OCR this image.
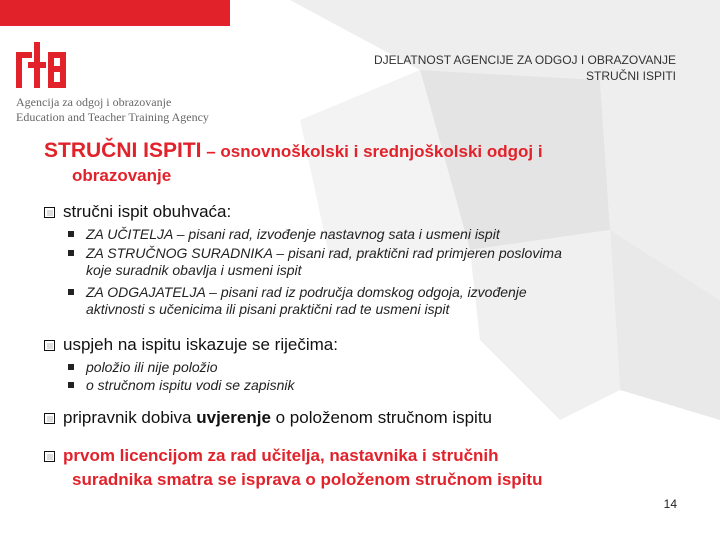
Agencija za odgoj i obrazovanje
Education and Teacher Training Agency
DJELATNOST AGENCIJE ZA ODGOJ I OBRAZOVANJE
STRUČNI ISPITI
STRUČNI ISPITI – osnovnoškolski i srednjoškolski odgoj i
obrazovanje
stručni ispit obuhvaća:
ZA UČITELJA – pisani rad, izvođenje nastavnog sata i usmeni ispit
ZA STRUČNOG SURADNIKA – pisani rad, praktični rad primjeren poslovima
koje suradnik obavlja i usmeni ispit
ZA ODGAJATELJA – pisani rad iz područja domskog odgoja, izvođenje
aktivnosti s učenicima ili pisani praktični rad te usmeni ispit
uspjeh na ispitu iskazuje se riječima:
položio ili nije položio
o stručnom ispitu vodi se zapisnik
pripravnik dobiva uvjerenje o položenom stručnom ispitu
prvom licencijom za rad učitelja, nastavnika i stručnih
suradnika smatra se isprava o položenom stručnom ispitu
14
